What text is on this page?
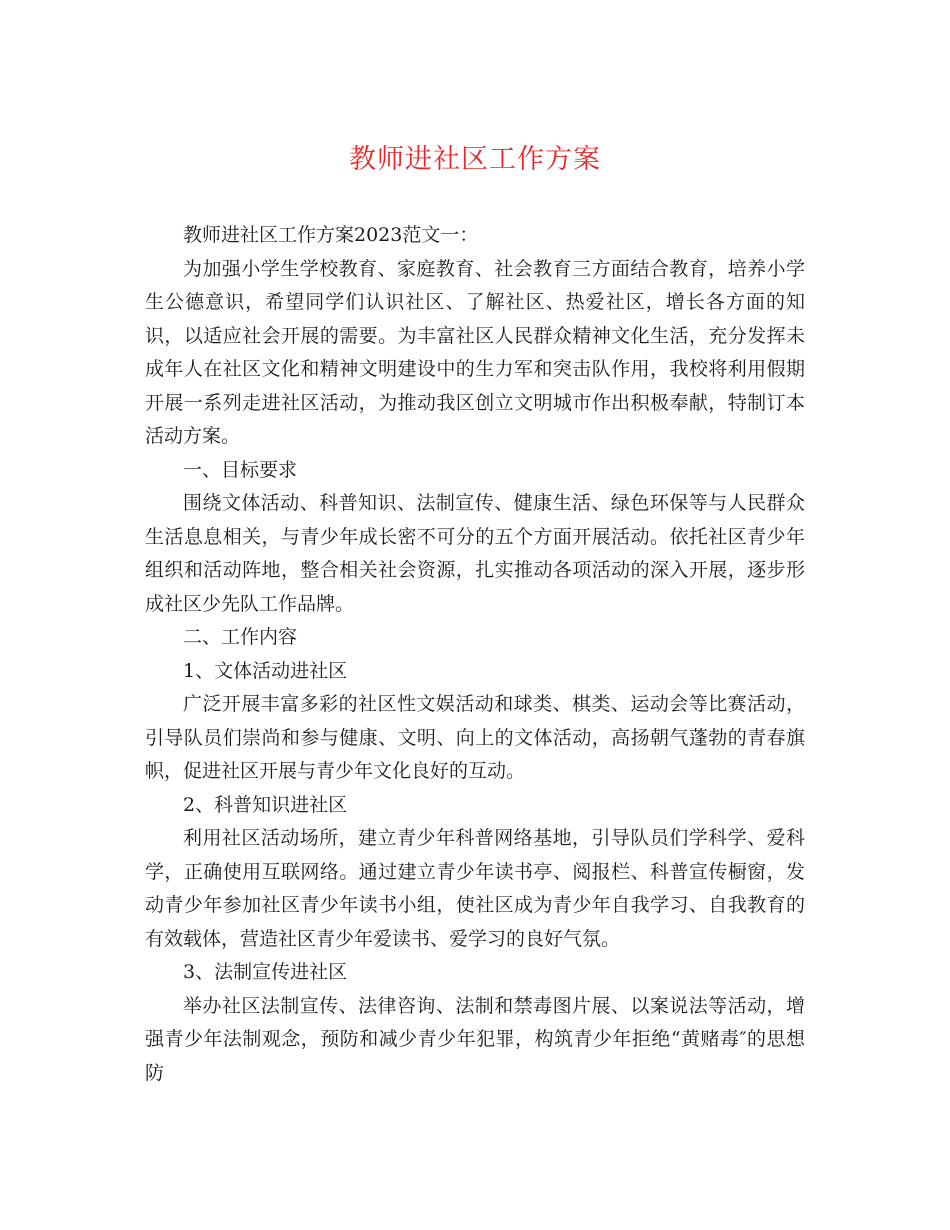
教师进社区工作方案

教师进社区工作方案2023范文一：

为加强小学生学校教育、家庭教育、社会教育三方面结合教育，培养小学生公德意识，希望同学们认识社区、了解社区、热爱社区，增长各方面的知识，以适应社会开展的需要。为丰富社区人民群众精神文化生活，充分发挥未成年人在社区文化和精神文明建设中的生力军和突击队作用，我校将利用假期开展一系列走进社区活动，为推动我区创立文明城市作出积极奉献，特制订本活动方案。

一、目标要求

围绕文体活动、科普知识、法制宣传、健康生活、绿色环保等与人民群众生活息息相关，与青少年成长密不可分的五个方面开展活动。依托社区青少年组织和活动阵地，整合相关社会资源，扎实推动各项活动的深入开展，逐步形成社区少先队工作品牌。

二、工作内容

1、文体活动进社区

广泛开展丰富多彩的社区性文娱活动和球类、棋类、运动会等比赛活动，引导队员们崇尚和参与健康、文明、向上的文体活动，高扬朝气蓬勃的青春旗帜，促进社区开展与青少年文化良好的互动。

2、科普知识进社区

利用社区活动场所，建立青少年科普网络基地，引导队员们学科学、爱科学，正确使用互联网络。通过建立青少年读书亭、阅报栏、科普宣传橱窗，发动青少年参加社区青少年读书小组，使社区成为青少年自我学习、自我教育的有效载体，营造社区青少年爱读书、爱学习的良好气氛。

3、法制宣传进社区

举办社区法制宣传、法律咨询、法制和禁毒图片展、以案说法等活动，增强青少年法制观念，预防和减少青少年犯罪，构筑青少年拒绝“黄赌毒″的思想防
